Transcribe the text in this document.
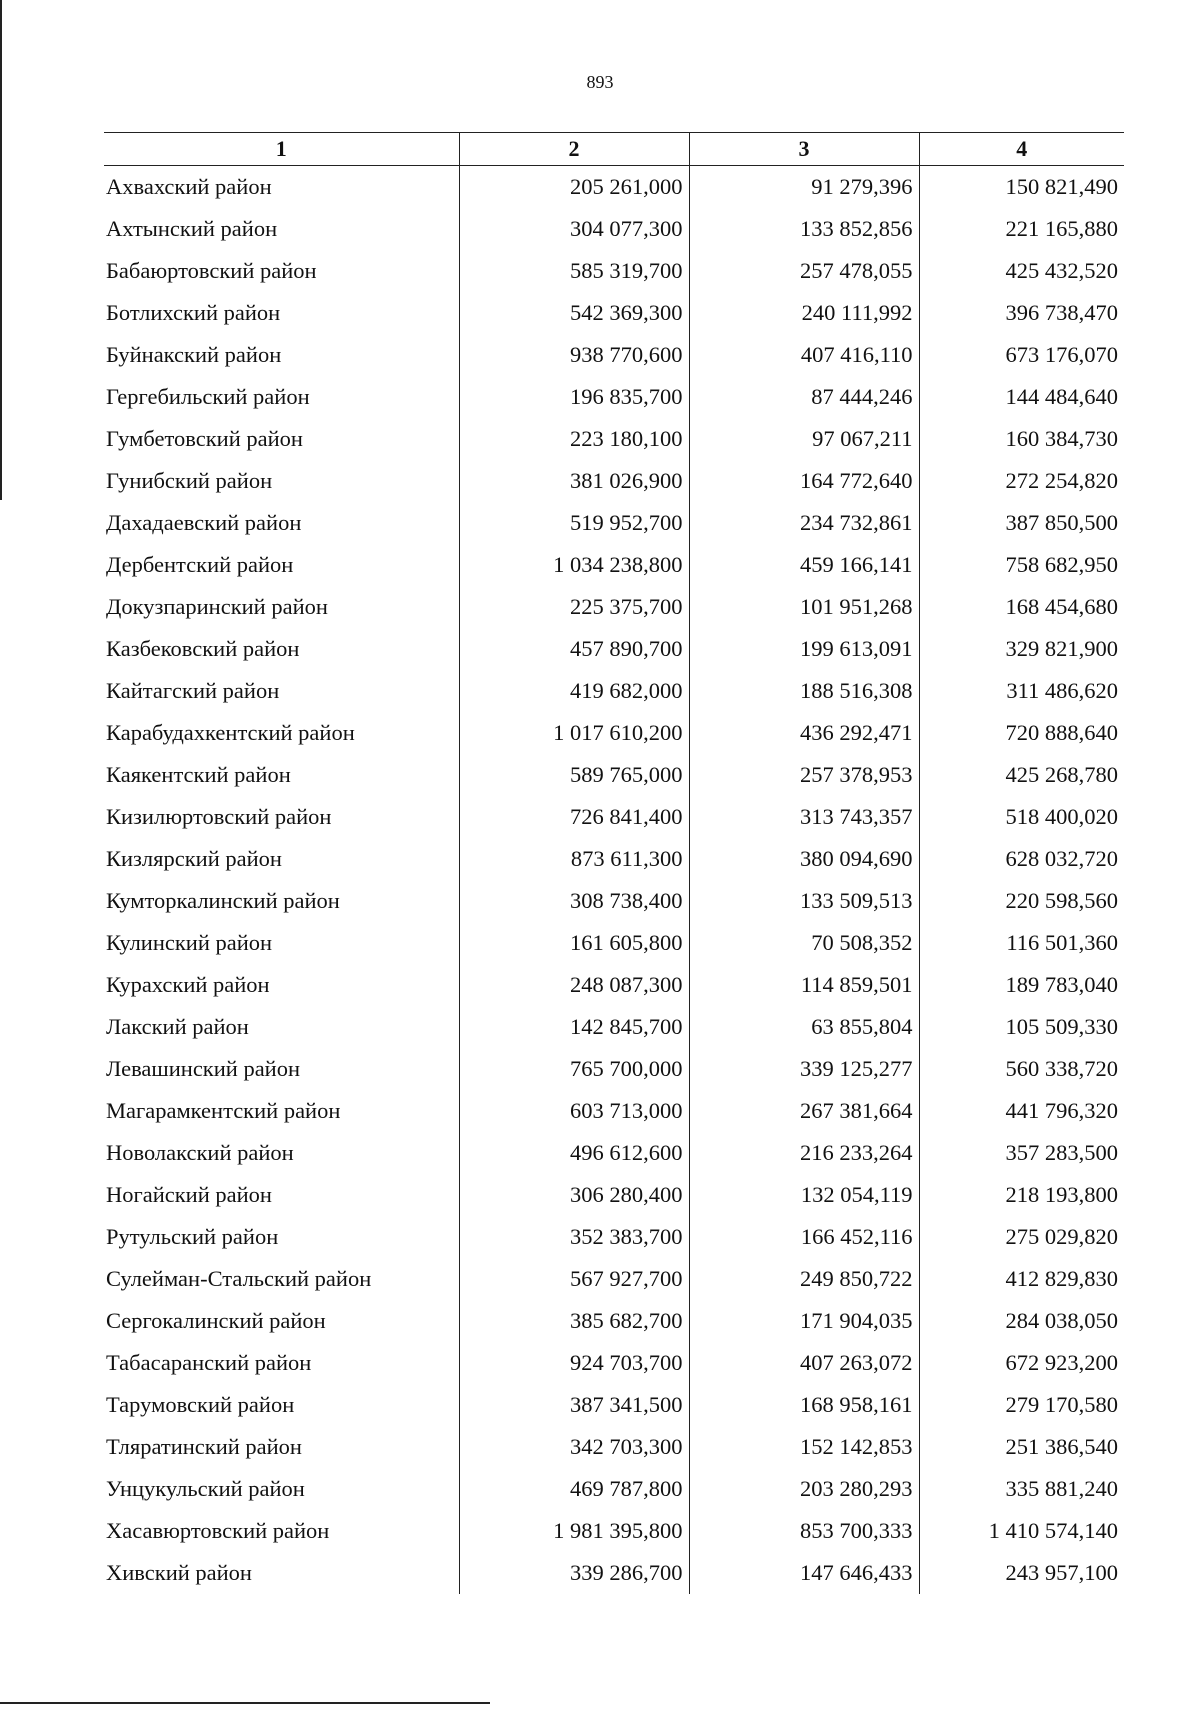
893
1	2	3	4
Ахвахский район	205 261,000	91 279,396	150 821,490
Ахтынский район	304 077,300	133 852,856	221 165,880
Бабаюртовский район	585 319,700	257 478,055	425 432,520
Ботлихский район	542 369,300	240 111,992	396 738,470
Буйнакский район	938 770,600	407 416,110	673 176,070
Гергебильский район	196 835,700	87 444,246	144 484,640
Гумбетовский район	223 180,100	97 067,211	160 384,730
Гунибский район	381 026,900	164 772,640	272 254,820
Дахадаевский район	519 952,700	234 732,861	387 850,500
Дербентский район	1 034 238,800	459 166,141	758 682,950
Докузпаринский район	225 375,700	101 951,268	168 454,680
Казбековский район	457 890,700	199 613,091	329 821,900
Кайтагский район	419 682,000	188 516,308	311 486,620
Карабудахкентский район	1 017 610,200	436 292,471	720 888,640
Каякентский район	589 765,000	257 378,953	425 268,780
Кизилюртовский район	726 841,400	313 743,357	518 400,020
Кизлярский район	873 611,300	380 094,690	628 032,720
Кумторкалинский район	308 738,400	133 509,513	220 598,560
Кулинский район	161 605,800	70 508,352	116 501,360
Курахский район	248 087,300	114 859,501	189 783,040
Лакский район	142 845,700	63 855,804	105 509,330
Левашинский район	765 700,000	339 125,277	560 338,720
Магарамкентский район	603 713,000	267 381,664	441 796,320
Новолакский район	496 612,600	216 233,264	357 283,500
Ногайский район	306 280,400	132 054,119	218 193,800
Рутульский район	352 383,700	166 452,116	275 029,820
Сулейман-Стальский район	567 927,700	249 850,722	412 829,830
Сергокалинский район	385 682,700	171 904,035	284 038,050
Табасаранский район	924 703,700	407 263,072	672 923,200
Тарумовский район	387 341,500	168 958,161	279 170,580
Тляратинский район	342 703,300	152 142,853	251 386,540
Унцукульский район	469 787,800	203 280,293	335 881,240
Хасавюртовский район	1 981 395,800	853 700,333	1 410 574,140
Хивский район	339 286,700	147 646,433	243 957,100
